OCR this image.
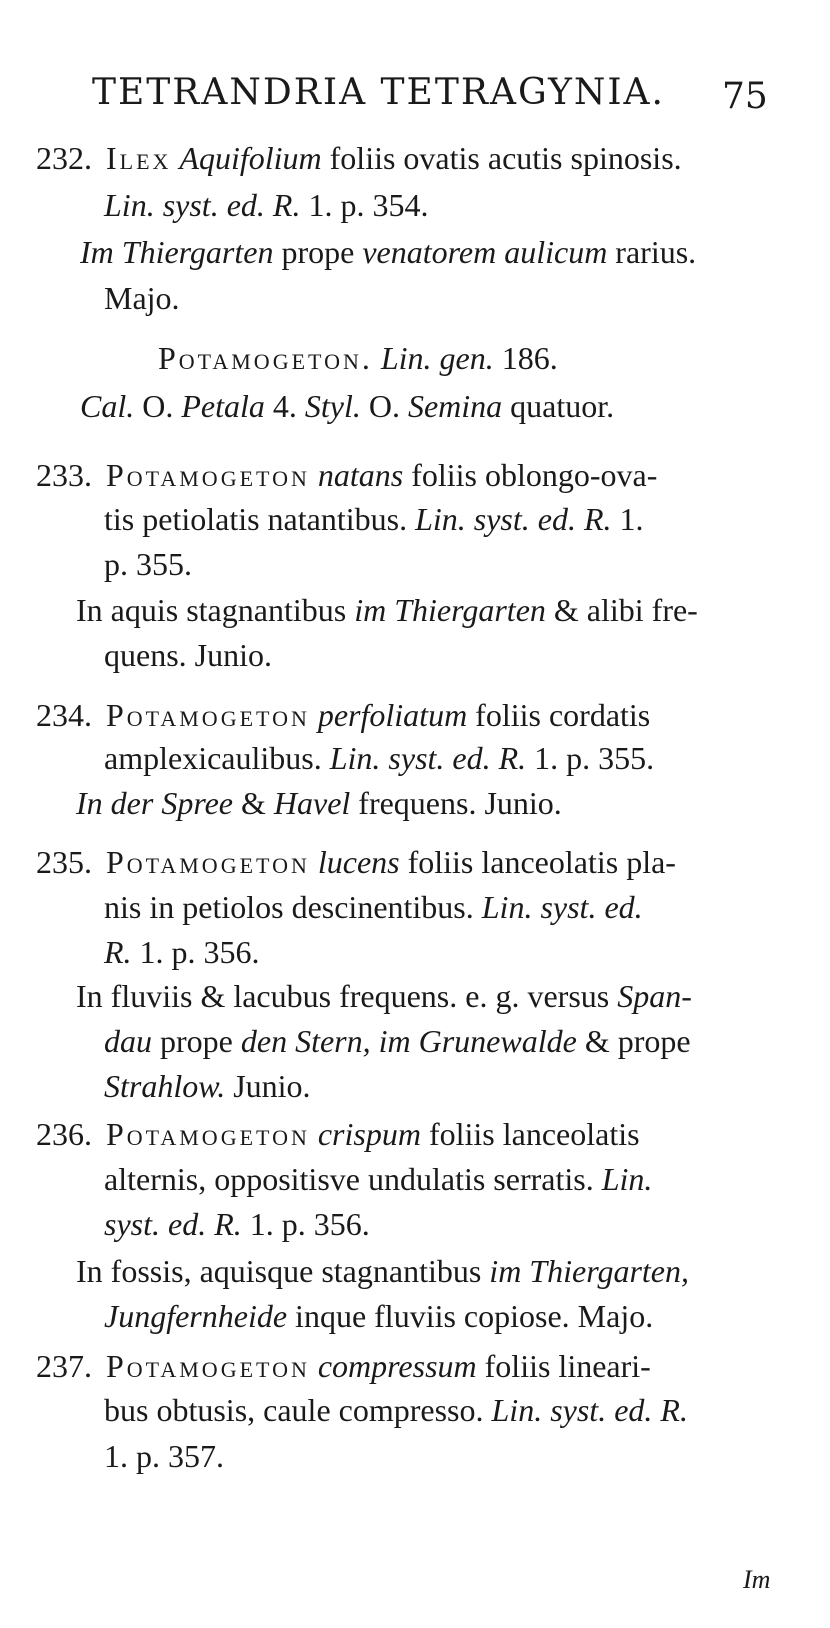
TETRANDRIA TETRAGYNIA. 75
232. Ilex Aquifolium foliis ovatis acutis spinosis.
Lin. syst. ed. R. 1. p. 354.
Im Thiergarten prope venatorem aulicum rarius.
Majo.
Potamogeton. Lin. gen. 186.
Cal. O. Petala 4. Styl. O. Semina quatuor.
233. Potamogeton natans foliis oblongo-ova-
tis petiolatis natantibus. Lin. syst. ed. R. 1.
p. 355.
In aquis stagnantibus im Thiergarten & alibi fre-
quens. Junio.
234. Potamogeton perfoliatum foliis cordatis
amplexicaulibus. Lin. syst. ed. R. 1. p. 355.
In der Spree & Havel frequens. Junio.
235. Potamogeton lucens foliis lanceolatis pla-
nis in petiolos descinentibus. Lin. syst. ed.
R. 1. p. 356.
In fluviis & lacubus frequens. e. g. versus Span-
dau prope den Stern, im Grunewalde & prope
Strahlow. Junio.
236. Potamogeton crispum foliis lanceolatis
alternis, oppositisve undulatis serratis. Lin.
syst. ed. R. 1. p. 356.
In fossis, aquisque stagnantibus im Thiergarten,
Jungfernheide inque fluviis copiose. Majo.
237. Potamogeton compressum foliis lineari-
bus obtusis, caule compresso. Lin. syst. ed. R.
1. p. 357.
Im
